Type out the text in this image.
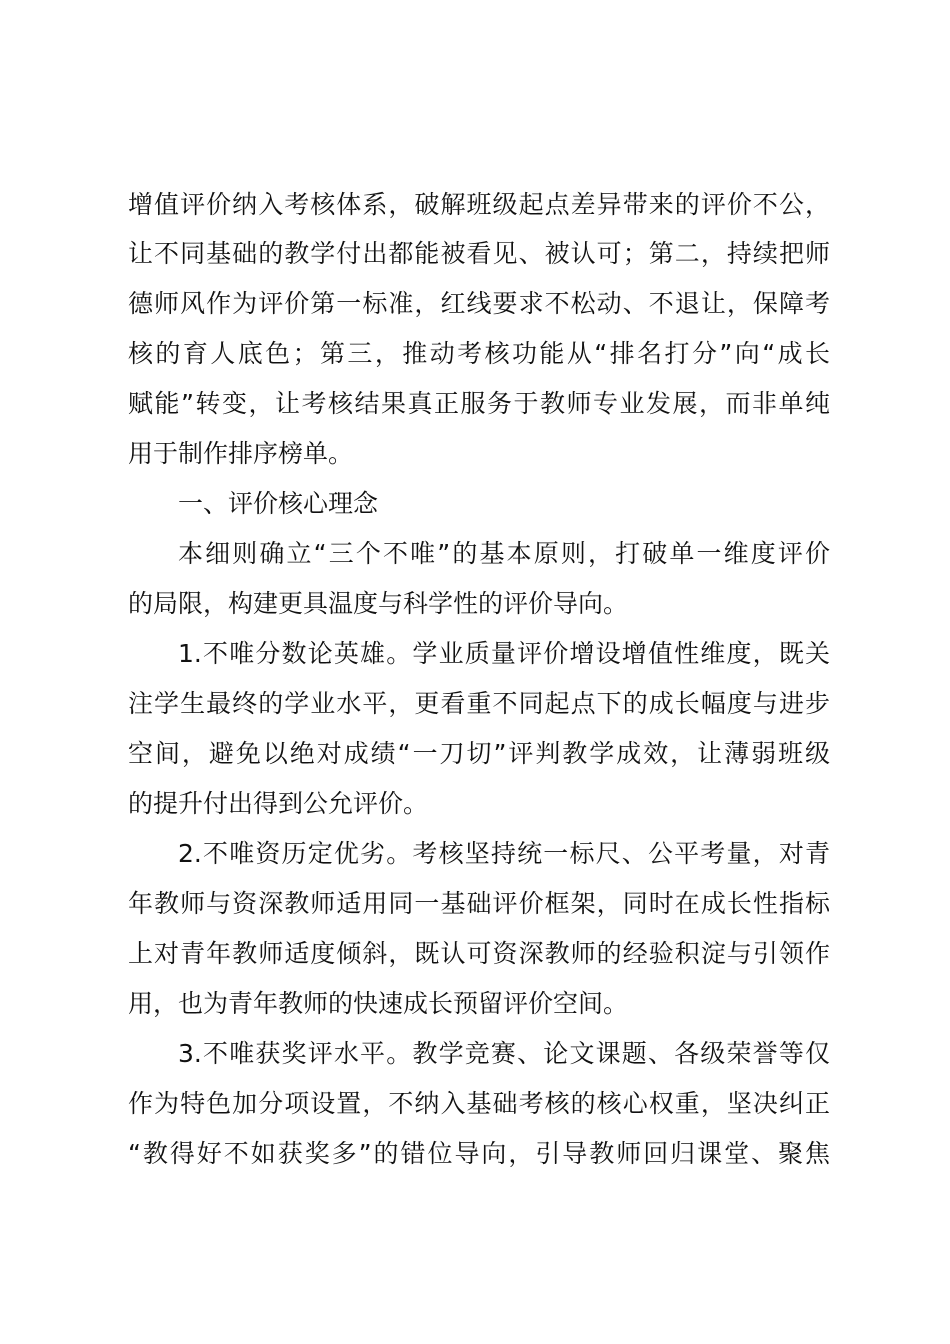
增值评价纳入考核体系，破解班级起点差异带来的评价不公，

让不同基础的教学付出都能被看见、被认可；第二，持续把师

德师风作为评价第一标准，红线要求不松动、不退让，保障考

核的育人底色；第三，推动考核功能从“排名打分”向“成长

赋能”转变，让考核结果真正服务于教师专业发展，而非单纯

用于制作排序榜单。

一、评价核心理念

本细则确立“三个不唯”的基本原则，打破单一维度评价

的局限，构建更具温度与科学性的评价导向。

1.不唯分数论英雄。学业质量评价增设增值性维度，既关

注学生最终的学业水平，更看重不同起点下的成长幅度与进步

空间，避免以绝对成绩“一刀切”评判教学成效，让薄弱班级

的提升付出得到公允评价。

2.不唯资历定优劣。考核坚持统一标尺、公平考量，对青

年教师与资深教师适用同一基础评价框架，同时在成长性指标

上对青年教师适度倾斜，既认可资深教师的经验积淀与引领作

用，也为青年教师的快速成长预留评价空间。

3.不唯获奖评水平。教学竞赛、论文课题、各级荣誉等仅

作为特色加分项设置，不纳入基础考核的核心权重，坚决纠正

“教得好不如获奖多”的错位导向，引导教师回归课堂、聚焦
